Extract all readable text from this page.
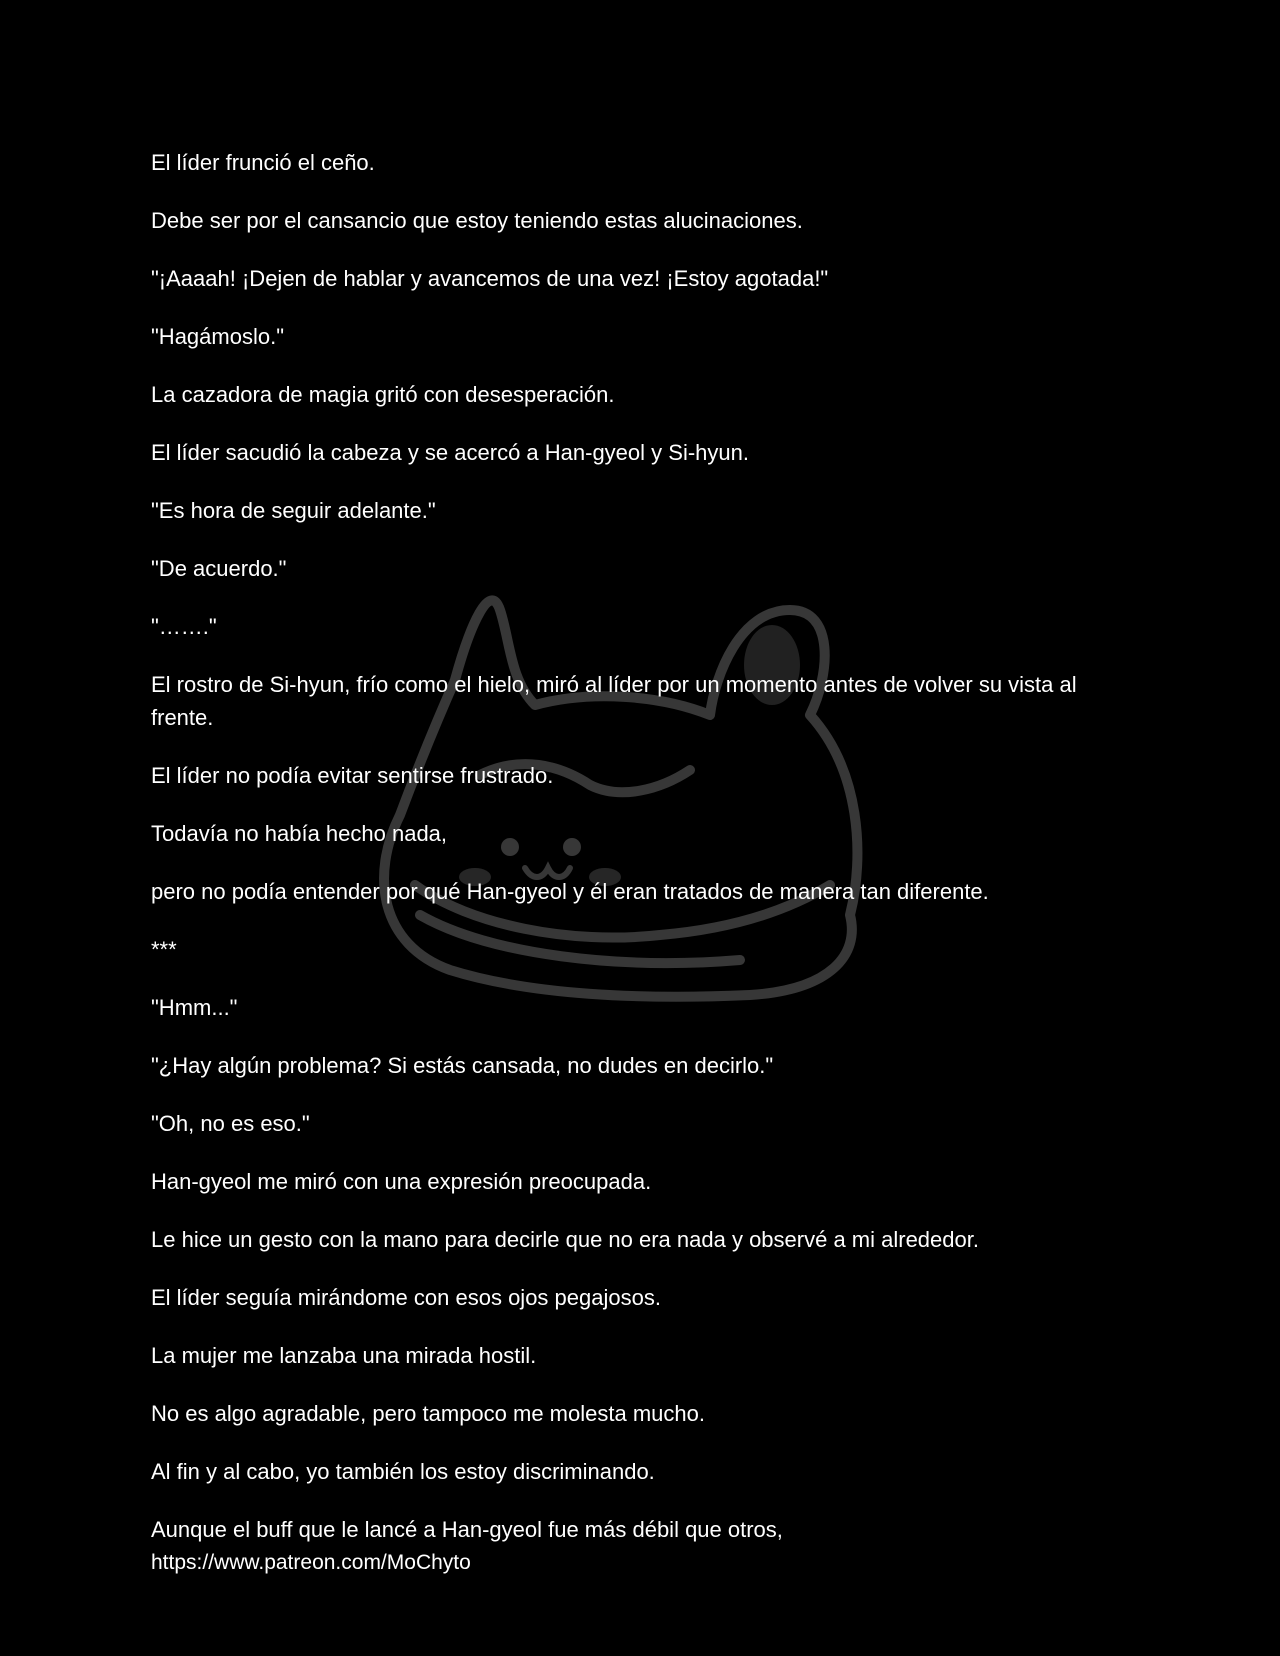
El líder frunció el ceño.

Debe ser por el cansancio que estoy teniendo estas alucinaciones.

"¡Aaaah! ¡Dejen de hablar y avancemos de una vez! ¡Estoy agotada!"

"Hagámoslo."

La cazadora de magia gritó con desesperación.

El líder sacudió la cabeza y se acercó a Han-gyeol y Si-hyun.

"Es hora de seguir adelante."

"De acuerdo."

"……."

El rostro de Si-hyun, frío como el hielo, miró al líder por un momento antes de volver su vista al frente.

El líder no podía evitar sentirse frustrado.

Todavía no había hecho nada,

pero no podía entender por qué Han-gyeol y él eran tratados de manera tan diferente.

***

"Hmm..."

"¿Hay algún problema? Si estás cansada, no dudes en decirlo."

"Oh, no es eso."

Han-gyeol me miró con una expresión preocupada.

Le hice un gesto con la mano para decirle que no era nada y observé a mi alrededor.

El líder seguía mirándome con esos ojos pegajosos.

La mujer me lanzaba una mirada hostil.

No es algo agradable, pero tampoco me molesta mucho.

Al fin y al cabo, yo también los estoy discriminando.

Aunque el buff que le lancé a Han-gyeol fue más débil que otros,

https://www.patreon.com/MoChyto
